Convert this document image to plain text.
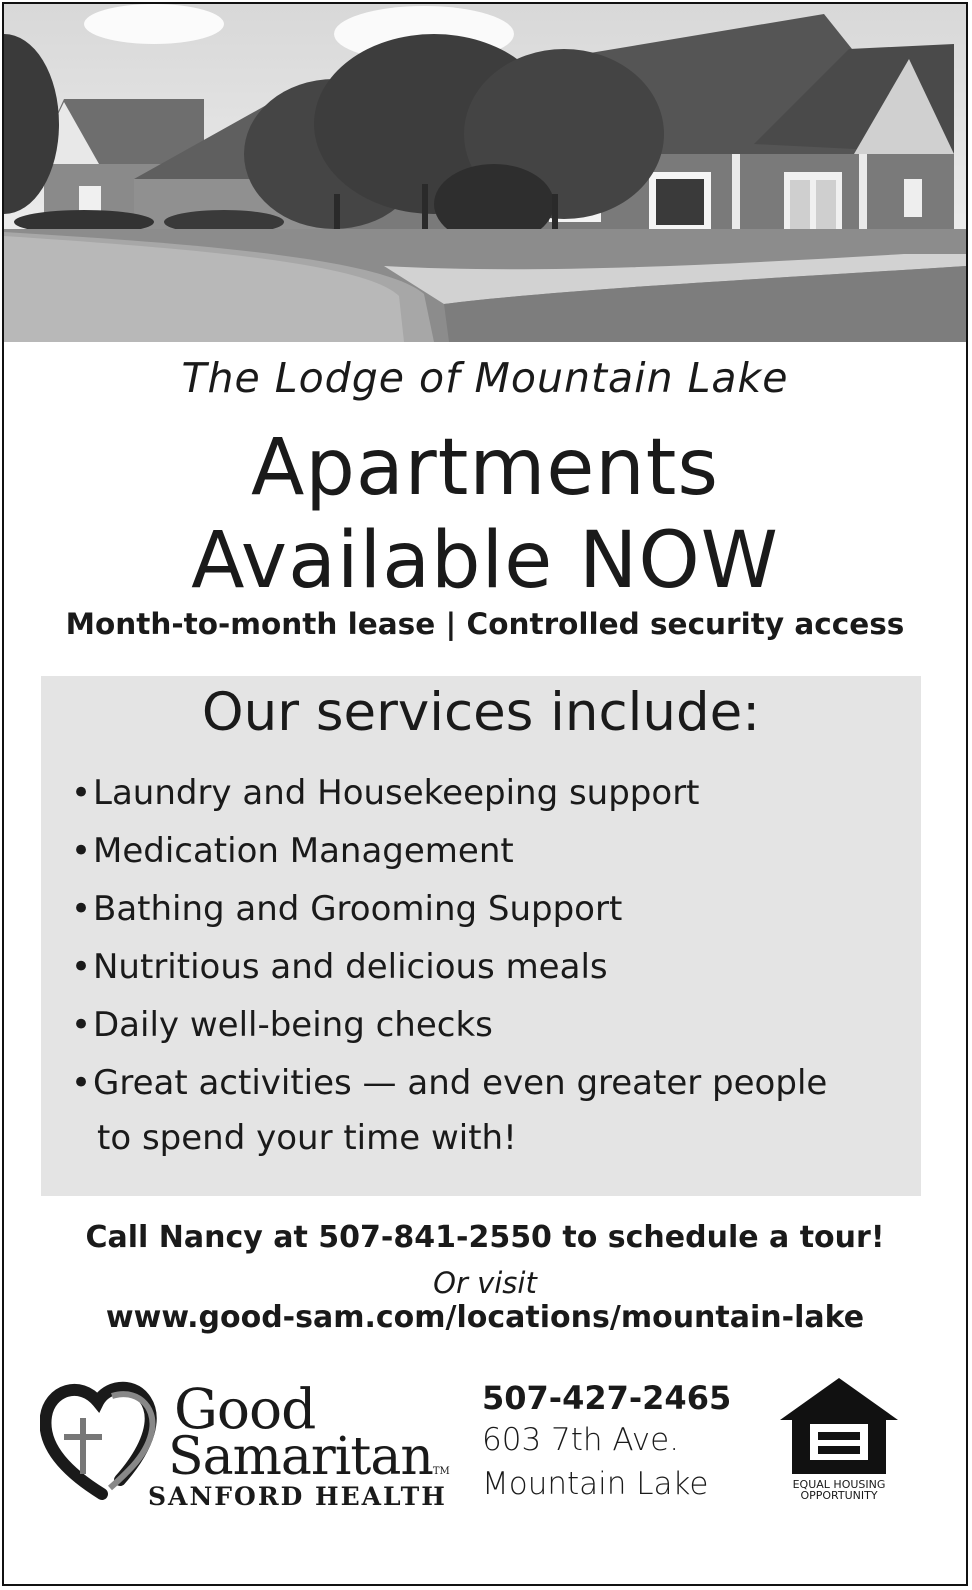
The Lodge of Mountain Lake
Apartments
Available NOW
Month-to-month lease | Controlled security access
Our services include:
•Laundry and Housekeeping support
•Medication Management
•Bathing and Grooming Support
•Nutritious and delicious meals
•Daily well-being checks
•Great activities — and even greater people
to spend your time with!
Call Nancy at 507-841-2550 to schedule a tour!
Or visit
www.good-sam.com/locations/mountain-lake
Good
SamaritanTM
SANFORD HEALTH
507-427-2465
603 7th Ave.
Mountain Lake	EQUAL HOUSING
OPPORTUNITY
